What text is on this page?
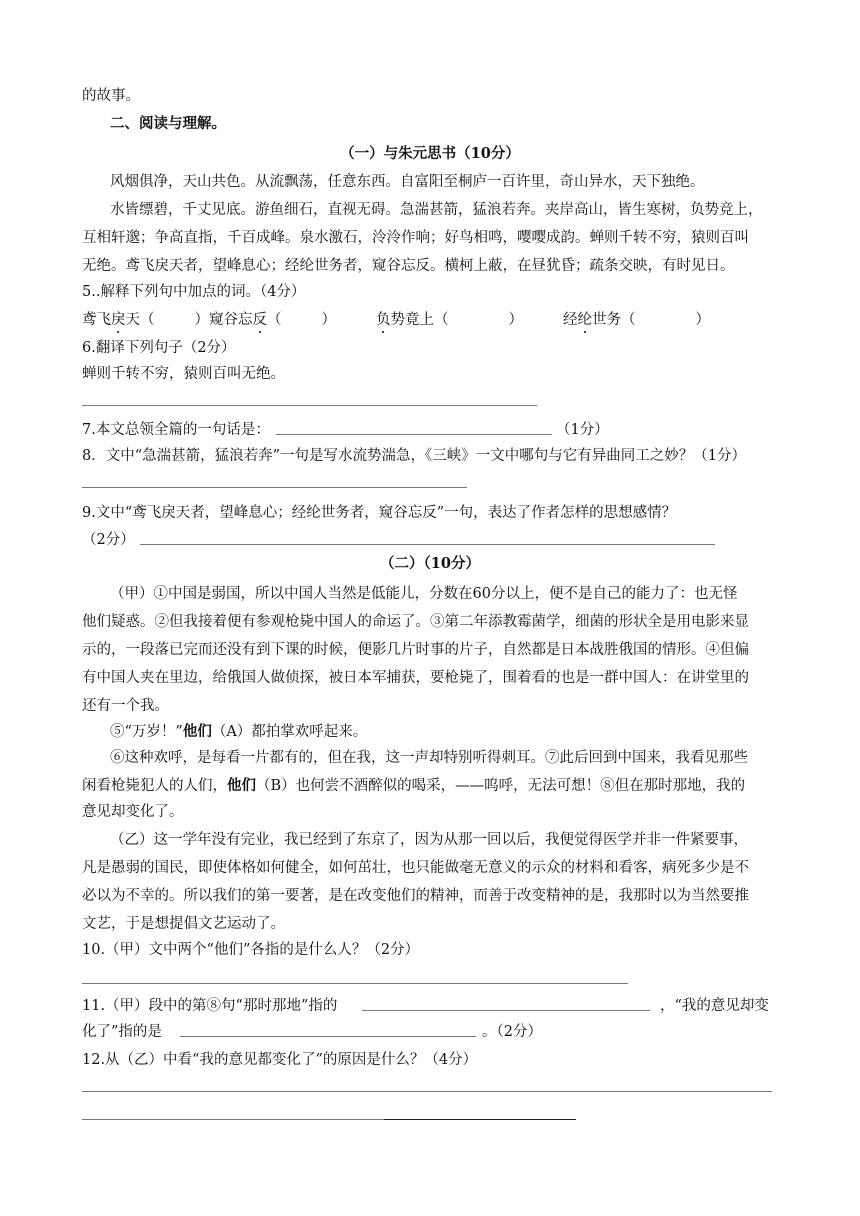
的故事。
二、阅读与理解。
（一）与朱元思书（10分）
风烟俱净，天山共色。从流飘荡，任意东西。自富阳至桐庐一百许里，奇山异水，天下独绝。
水皆缥碧，千丈见底。游鱼细石，直视无碍。急湍甚箭，猛浪若奔。夹岸高山，皆生寒树，负势竞上，
互相轩邈；争高直指，千百成峰。泉水激石，泠泠作响；好鸟相鸣，嘤嘤成韵。蝉则千转不穷，猿则百叫
无绝。鸢飞戾天者，望峰息心；经纶世务者，窥谷忘反。横柯上蔽，在昼犹昏；疏条交映，有时见日。
5..解释下列句中加点的词。（4分）
鸢飞戾天（	）窥谷忘反（	）	负势竟上（	）	经纶世务（	）
6.翻译下列句子（2分）
蝉则千转不穷，猿则百叫无绝。
7.本文总领全篇的一句话是：	（1分）
8．文中“急湍甚箭，猛浪若奔”一句是写水流势湍急，《三峡》一文中哪句与它有异曲同工之妙？（1分）
9.文中“鸢飞戾天者，望峰息心；经纶世务者，窥谷忘反”一句，表达了作者怎样的思想感情？
（2分）
（二）（10分）
（甲）①中国是弱国，所以中国人当然是低能儿，分数在60分以上，便不是自己的能力了：也无怪
他们疑惑。②但我接着便有参观枪毙中国人的命运了。③第二年添教霉菌学，细菌的形状全是用电影来显
示的，一段落已完而还没有到下课的时候，便影几片时事的片子，自然都是日本战胜俄国的情形。④但偏
有中国人夹在里边，给俄国人做侦探，被日本军捕获，要枪毙了，围着看的也是一群中国人：在讲堂里的
还有一个我。
⑤“万岁！”他们（A）都拍掌欢呼起来。
⑥这种欢呼，是每看一片都有的，但在我，这一声却特别听得刺耳。⑦此后回到中国来，我看见那些
闲看枪毙犯人的人们，他们（B）也何尝不酒醉似的喝采，——呜呼，无法可想！⑧但在那时那地，我的
意见却变化了。
（乙）这一学年没有完业，我已经到了东京了，因为从那一回以后，我便觉得医学并非一件紧要事，
凡是愚弱的国民，即使体格如何健全，如何茁壮，也只能做毫无意义的示众的材料和看客，病死多少是不
必以为不幸的。所以我们的第一要著，是在改变他们的精神，而善于改变精神的是，我那时以为当然要推
文艺，于是想提倡文艺运动了。
10.（甲）文中两个“他们”各指的是什么人？（2分）
11.（甲）段中的第⑧句“那时那地”指的	，“我的意见却变
化了”指的是	。（2分）
12.从（乙）中看“我的意见都变化了”的原因是什么？（4分）
